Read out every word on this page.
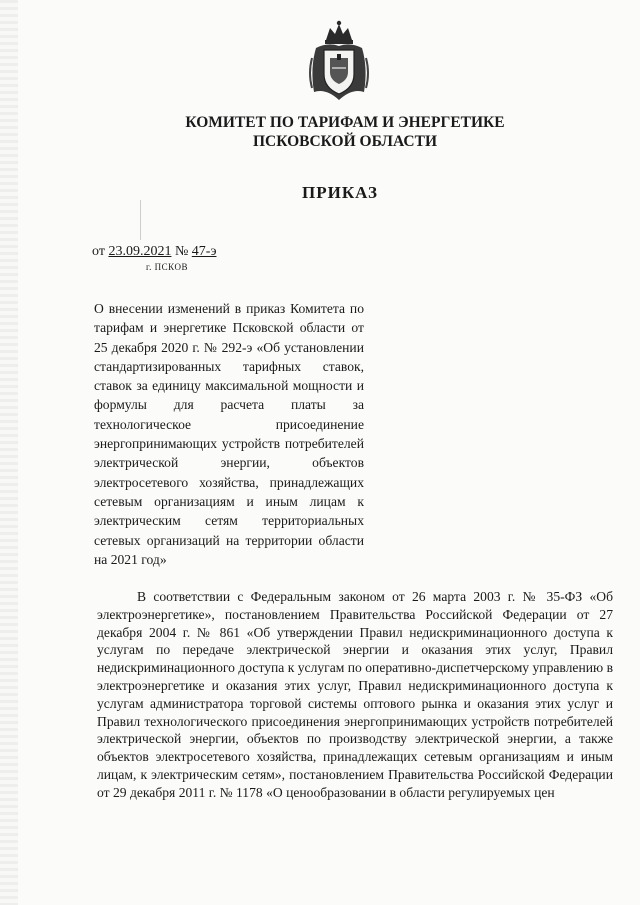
КОМИТЕТ ПО ТАРИФАМ И ЭНЕРГЕТИКЕ
ПСКОВСКОЙ ОБЛАСТИ
ПРИКАЗ
от 23.09.2021 № 47-э
г. ПСКОВ
О внесении изменений в приказ Комитета по тарифам и энергетике Псковской области от 25 декабря 2020 г. № 292-э «Об установлении стандартизированных тарифных ставок, ставок за единицу максимальной мощности и формулы для расчета платы за технологическое присоединение энергопринимающих устройств потребителей электрической энергии, объектов электросетевого хозяйства, принадлежащих сетевым организациям и иным лицам к электрическим сетям территориальных сетевых организаций на территории области на 2021 год»
В соответствии с Федеральным законом от 26 марта 2003 г. № 35-ФЗ «Об электроэнергетике», постановлением Правительства Российской Федерации от 27 декабря 2004 г. № 861 «Об утверждении Правил недискриминационного доступа к услугам по передаче электрической энергии и оказания этих услуг, Правил недискриминационного доступа к услугам по оперативно-диспетчерскому управлению в электроэнергетике и оказания этих услуг, Правил недискриминационного доступа к услугам администратора торговой системы оптового рынка и оказания этих услуг и Правил технологического присоединения энергопринимающих устройств потребителей электрической энергии, объектов по производству электрической энергии, а также объектов электросетевого хозяйства, принадлежащих сетевым организациям и иным лицам, к электрическим сетям», постановлением Правительства Российской Федерации от 29 декабря 2011 г. № 1178 «О ценообразовании в области регулируемых цен
